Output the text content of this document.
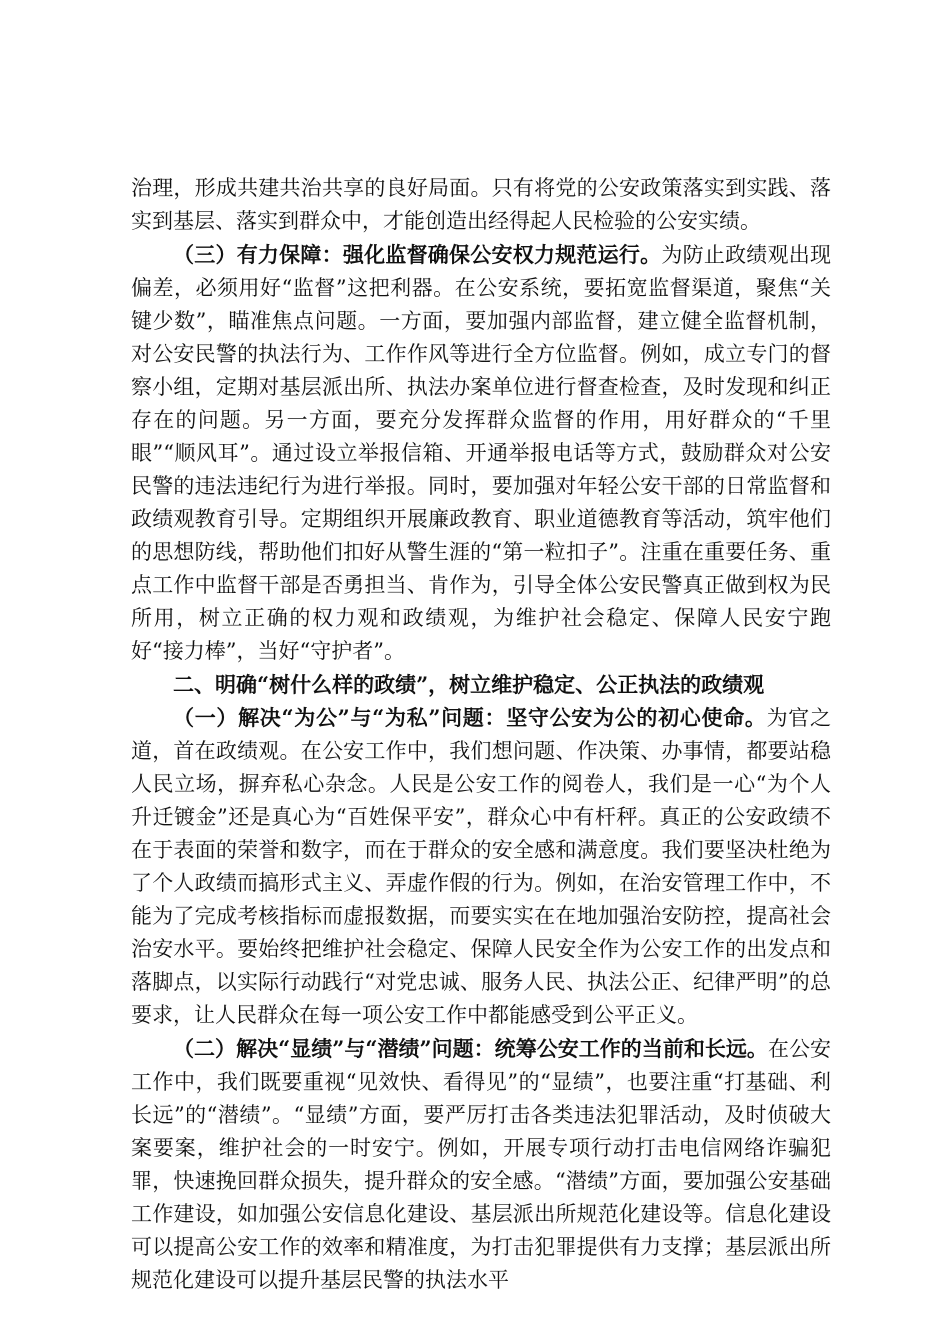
治理，形成共建共治共享的良好局面。只有将党的公安政策落实到实践、落实到基层、落实到群众中，才能创造出经得起人民检验的公安实绩。

（三）有力保障：强化监督确保公安权力规范运行。为防止政绩观出现偏差，必须用好“监督”这把利器。在公安系统，要拓宽监督渠道，聚焦“关键少数”，瞄准焦点问题。一方面，要加强内部监督，建立健全监督机制，对公安民警的执法行为、工作作风等进行全方位监督。例如，成立专门的督察小组，定期对基层派出所、执法办案单位进行督查检查，及时发现和纠正存在的问题。另一方面，要充分发挥群众监督的作用，用好群众的“千里眼”“顺风耳”。通过设立举报信箱、开通举报电话等方式，鼓励群众对公安民警的违法违纪行为进行举报。同时，要加强对年轻公安干部的日常监督和政绩观教育引导。定期组织开展廉政教育、职业道德教育等活动，筑牢他们的思想防线，帮助他们扣好从警生涯的“第一粒扣子”。注重在重要任务、重点工作中监督干部是否勇担当、肯作为，引导全体公安民警真正做到权为民所用，树立正确的权力观和政绩观，为维护社会稳定、保障人民安宁跑好“接力棒”，当好“守护者”。

二、明确“树什么样的政绩”，树立维护稳定、公正执法的政绩观

（一）解决“为公”与“为私”问题：坚守公安为公的初心使命。为官之道，首在政绩观。在公安工作中，我们想问题、作决策、办事情，都要站稳人民立场，摒弃私心杂念。人民是公安工作的阅卷人，我们是一心“为个人升迁镀金”还是真心为“百姓保平安”，群众心中有杆秤。真正的公安政绩不在于表面的荣誉和数字，而在于群众的安全感和满意度。我们要坚决杜绝为了个人政绩而搞形式主义、弄虚作假的行为。例如，在治安管理工作中，不能为了完成考核指标而虚报数据，而要实实在在地加强治安防控，提高社会治安水平。要始终把维护社会稳定、保障人民安全作为公安工作的出发点和落脚点，以实际行动践行“对党忠诚、服务人民、执法公正、纪律严明”的总要求，让人民群众在每一项公安工作中都能感受到公平正义。

（二）解决“显绩”与“潜绩”问题：统筹公安工作的当前和长远。在公安工作中，我们既要重视“见效快、看得见”的“显绩”，也要注重“打基础、利长远”的“潜绩”。“显绩”方面，要严厉打击各类违法犯罪活动，及时侦破大案要案，维护社会的一时安宁。例如，开展专项行动打击电信网络诈骗犯罪，快速挽回群众损失，提升群众的安全感。“潜绩”方面，要加强公安基础工作建设，如加强公安信息化建设、基层派出所规范化建设等。信息化建设可以提高公安工作的效率和精准度，为打击犯罪提供有力支撑；基层派出所规范化建设可以提升基层民警的执法水平
